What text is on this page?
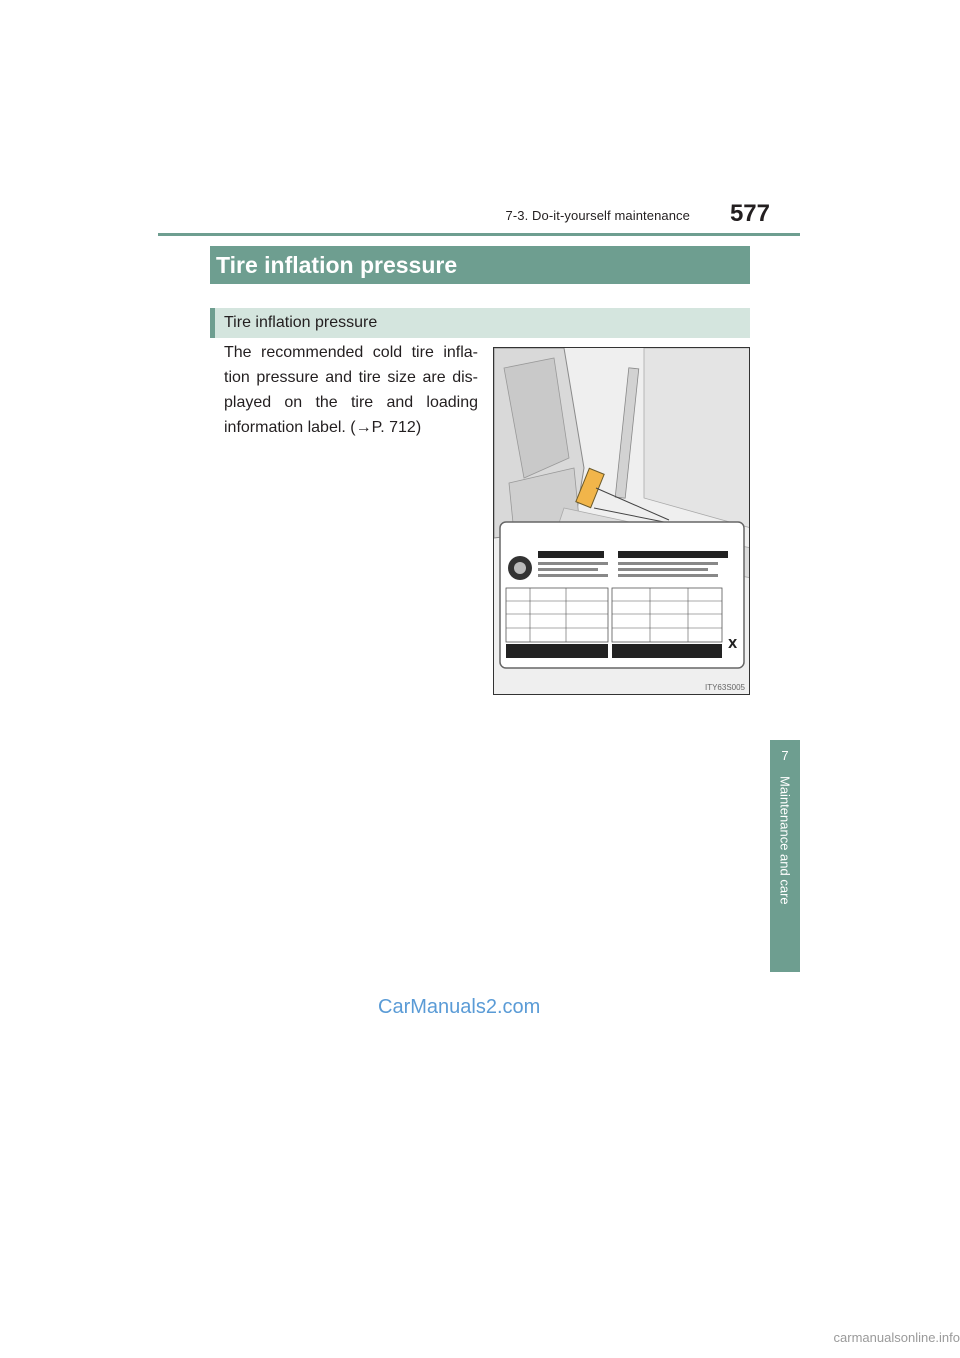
7-3. Do-it-yourself maintenance	577
7
Maintenance and care
Tire inflation pressure
Tire inflation pressure
The recommended cold tire infla-tion pressure and tire size are dis-played on the tire and loading information label. (→P. 712)
X
ITY63S005
CarManuals2.com
carmanualsonline.info
